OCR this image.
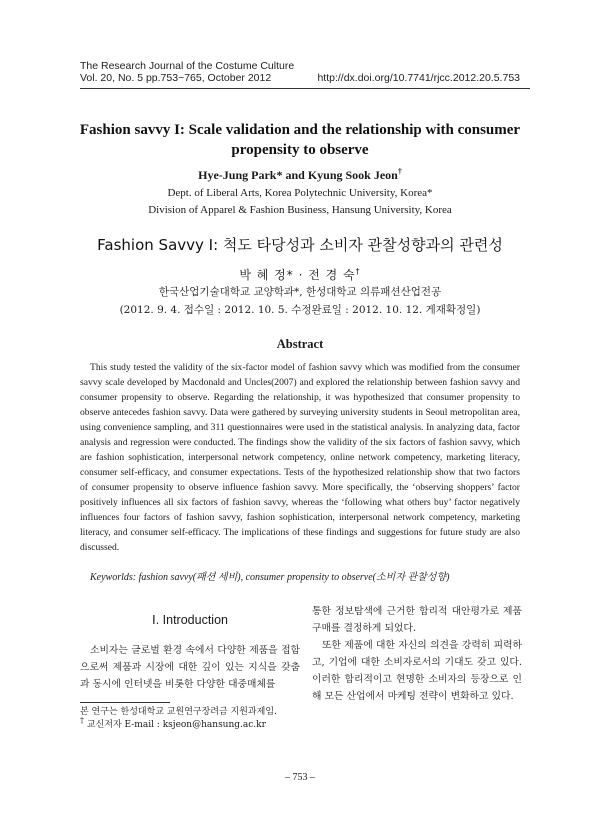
The Research Journal of the Costume Culture
Vol. 20, No. 5 pp.753~765, October 2012	http://dx.doi.org/10.7741/rjcc.2012.20.5.753
Fashion savvy I: Scale validation and the relationship with consumer propensity to observe
Hye-Jung Park* and Kyung Sook Jeon†
Dept. of Liberal Arts, Korea Polytechnic University, Korea*
Division of Apparel & Fashion Business, Hansung University, Korea
Fashion Savvy I: 척도 타당성과 소비자 관찰성향과의 관련성
박 혜 정* · 전 경 숙†
한국산업기술대학교 교양학과*, 한성대학교 의류패션산업전공
(2012. 9. 4. 접수일 : 2012. 10. 5. 수정완료일 : 2012. 10. 12. 게재확정일)
Abstract

This study tested the validity of the six-factor model of fashion savvy which was modified from the consumer savvy scale developed by Macdonald and Uncles(2007) and explored the relationship between fashion savvy and consumer propensity to observe. Regarding the relationship, it was hypothesized that consumer propensity to observe antecedes fashion savvy. Data were gathered by surveying university students in Seoul metropolitan area, using convenience sampling, and 311 questionnaires were used in the statistical analysis. In analyzing data, factor analysis and regression were conducted. The findings show the validity of the six factors of fashion savvy, which are fashion sophistication, interpersonal network competency, online network competency, marketing literacy, consumer self-efficacy, and consumer expectations. Tests of the hypothesized relationship show that two factors of consumer propensity to observe influence fashion savvy. More specifically, the ‘observing shoppers’ factor positively influences all six factors of fashion savvy, whereas the ‘following what others buy’ factor negatively influences four factors of fashion savvy, fashion sophistication, interpersonal network competency, marketing literacy, and consumer self-efficacy. The implications of these findings and suggestions for future study are also discussed.

Keyworlds: fashion savvy(패션 세비), consumer propensity to observe(소비자 관찰성향)
Ⅰ. Introduction

소비자는 글로벌 환경 속에서 다양한 제품을 접함으로써 제품과 시장에 대한 깊이 있는 지식을 갖춤과 동시에 인터넷을 비롯한 다양한 대중매체를

통한 정보탐색에 근거한 합리적 대안평가로 제품구매를 결정하게 되었다.
또한 제품에 대한 자신의 의견을 강력히 피력하고, 기업에 대한 소비자로서의 기대도 갖고 있다. 이러한 합리적이고 현명한 소비자의 등장으로 인해 모든 산업에서 마케팅 전략이 변화하고 있다.
본 연구는 한성대학교 교원연구장려금 지원과제임.
† 교신저자 E-mail : ksjeon@hansung.ac.kr
– 753 –
